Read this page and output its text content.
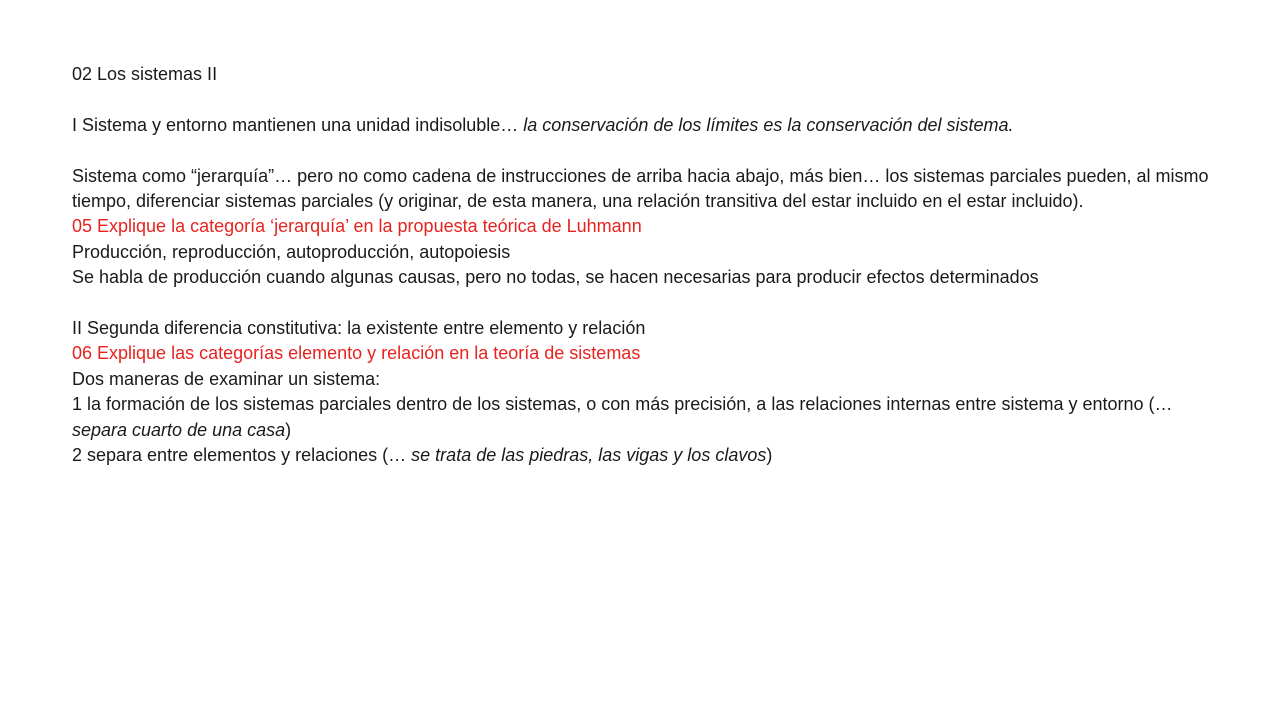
02 Los sistemas II
I Sistema y entorno mantienen una unidad indisoluble… la conservación de los límites es la conservación del sistema.
Sistema como “jerarquía”… pero no como cadena de instrucciones de arriba hacia abajo, más bien… los sistemas parciales pueden, al mismo tiempo, diferenciar sistemas parciales (y originar, de esta manera, una relación transitiva del estar incluido en el estar incluido).
05 Explique la categoría ‘jerarquía’ en la propuesta teórica de Luhmann
Producción, reproducción, autoproducción, autopoiesis
Se habla de producción cuando algunas causas, pero no todas, se hacen necesarias para producir efectos determinados
II Segunda diferencia constitutiva: la existente entre elemento y relación
06 Explique las categorías elemento y relación en la teoría de sistemas
Dos maneras de examinar un sistema:
1 la formación de los sistemas parciales dentro de los sistemas, o con más precisión, a las relaciones internas entre sistema y entorno (… separa cuarto de una casa)
2 separa entre elementos y relaciones (… se trata de las piedras, las vigas y los clavos)
